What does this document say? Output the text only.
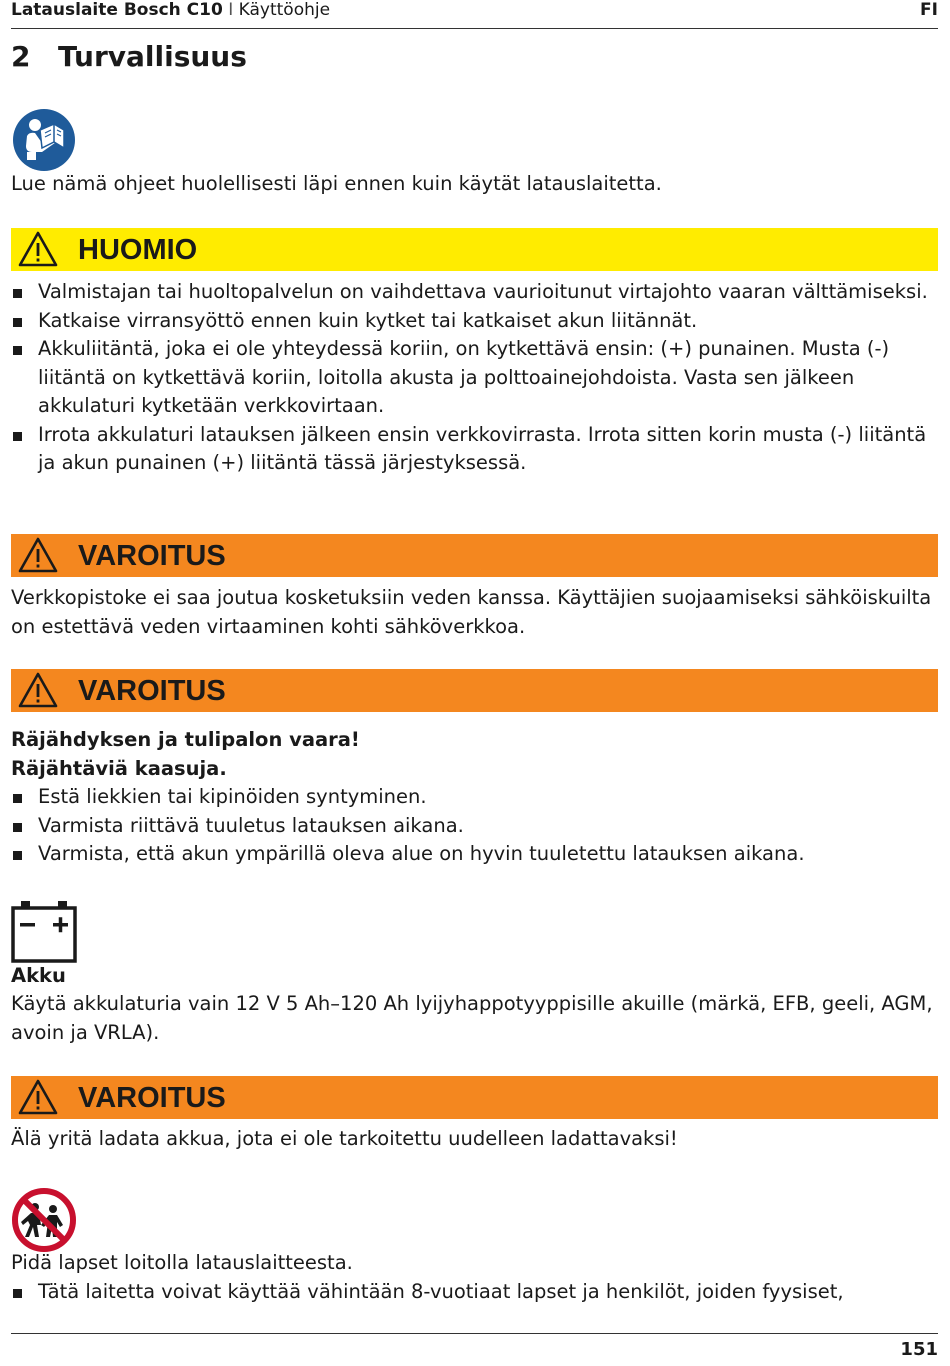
Latauslaite Bosch C10 I Käyttöohje	FI
2 Turvallisuus
Lue nämä ohjeet huolellisesti läpi ennen kuin käytät latauslaitetta.
HUOMIO
Valmistajan tai huoltopalvelun on vaihdettava vaurioitunut virtajohto vaaran välttämiseksi.
Katkaise virransyöttö ennen kuin kytket tai katkaiset akun liitännät.
Akkuliitäntä, joka ei ole yhteydessä koriin, on kytkettävä ensin: (+) punainen. Musta (-) liitäntä on kytkettävä koriin, loitolla akusta ja polttoainejohdoista. Vasta sen jälkeen akkulaturi kytketään verkkovirtaan.
Irrota akkulaturi latauksen jälkeen ensin verkkovirrasta. Irrota sitten korin musta (-) liitäntä ja akun punainen (+) liitäntä tässä järjestyksessä.
VAROITUS
Verkkopistoke ei saa joutua kosketuksiin veden kanssa. Käyttäjien suojaamiseksi sähköiskuilta on estettävä veden virtaaminen kohti sähköverkkoa.
VAROITUS
Räjähdyksen ja tulipalon vaara!
Räjähtäviä kaasuja.
Estä liekkien tai kipinöiden syntyminen.
Varmista riittävä tuuletus latauksen aikana.
Varmista, että akun ympärillä oleva alue on hyvin tuuletettu latauksen aikana.
Akku
Käytä akkulaturia vain 12 V 5 Ah–120 Ah lyijyhappotyyppisille akuille (märkä, EFB, geeli, AGM, avoin ja VRLA).
VAROITUS
Älä yritä ladata akkua, jota ei ole tarkoitettu uudelleen ladattavaksi!
Pidä lapset loitolla latauslaitteesta.
Tätä laitetta voivat käyttää vähintään 8-vuotiaat lapset ja henkilöt, joiden fyysiset,
151
